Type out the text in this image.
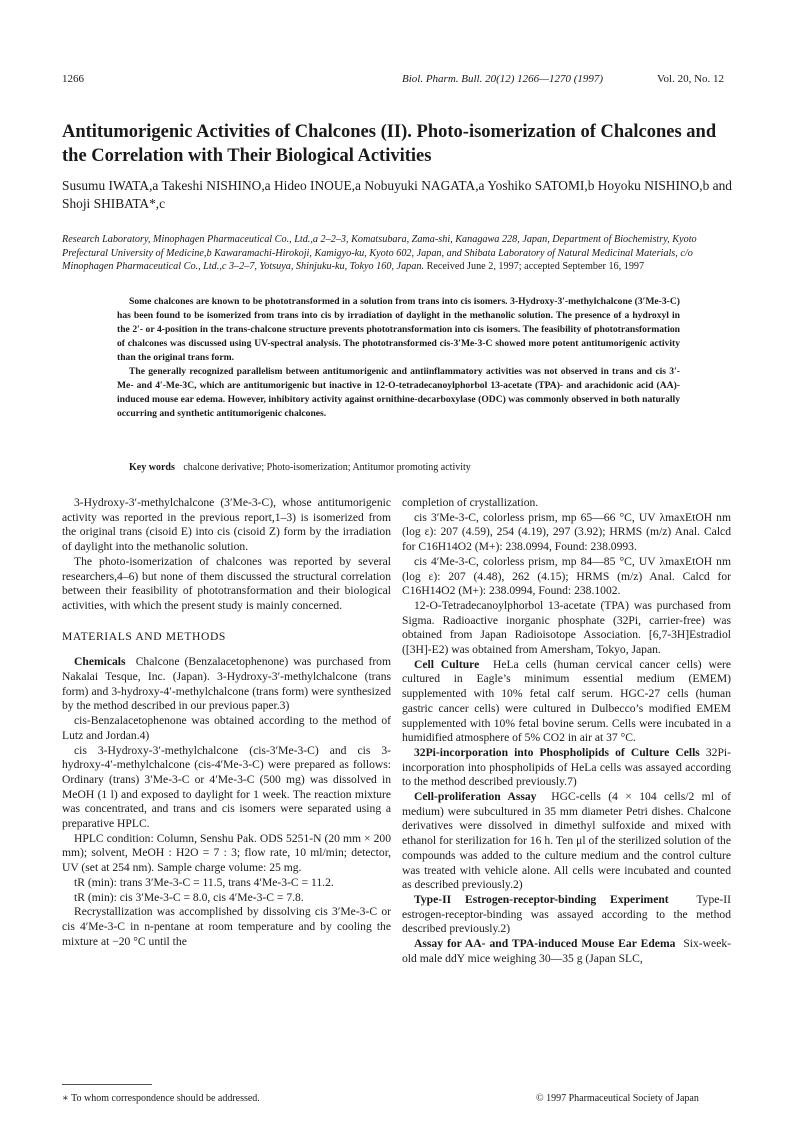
1266	Biol. Pharm. Bull. 20(12) 1266—1270 (1997)	Vol. 20, No. 12
Antitumorigenic Activities of Chalcones (II). Photo-isomerization of Chalcones and the Correlation with Their Biological Activities
Susumu IWATA,a Takeshi NISHINO,a Hideo INOUE,a Nobuyuki NAGATA,a Yoshiko SATOMI,b Hoyoku NISHINO,b and Shoji SHIBATA*,c
Research Laboratory, Minophagen Pharmaceutical Co., Ltd.,a 2–2–3, Komatsubara, Zama-shi, Kanagawa 228, Japan, Department of Biochemistry, Kyoto Prefectural University of Medicine,b Kawaramachi-Hirokoji, Kamigyo-ku, Kyoto 602, Japan, and Shibata Laboratory of Natural Medicinal Materials, c/o Minophagen Pharmaceutical Co., Ltd.,c 3–2–7, Yotsuya, Shinjuku-ku, Tokyo 160, Japan. Received June 2, 1997; accepted September 16, 1997

Some chalcones are known to be phototransformed in a solution from trans into cis isomers. 3-Hydroxy-3′-methylchalcone (3′Me-3-C) has been found to be isomerized from trans into cis by irradiation of daylight in the methanolic solution. The presence of a hydroxyl in the 2′- or 4-position in the trans-chalcone structure prevents phototransformation into cis isomers. The feasibility of phototransformation of chalcones was discussed using UV-spectral analysis. The phototransformed cis-3′Me-3-C showed more potent antitumorigenic activity than the original trans form.

The generally recognized parallelism between antitumorigenic and antiinflammatory activities was not observed in trans and cis 3′-Me- and 4′-Me-3C, which are antitumorigenic but inactive in 12-O-tetradecanoylphorbol 13-acetate (TPA)- and arachidonic acid (AA)-induced mouse ear edema. However, inhibitory activity against ornithine-decarboxylase (ODC) was commonly observed in both naturally occurring and synthetic antitumorigenic chalcones.

Key words chalcone derivative; Photo-isomerization; Antitumor promoting activity

3-Hydroxy-3′-methylchalcone (3′Me-3-C), whose antitumorigenic activity was reported in the previous report,1–3) is isomerized from the original trans (cisoid E) into cis (cisoid Z) form by the irradiation of daylight into the methanolic solution.

The photo-isomerization of chalcones was reported by several researchers,4–6) but none of them discussed the structural correlation between their feasibility of phototransformation and their biological activities, with which the present study is mainly concerned.

MATERIALS AND METHODS

Chemicals Chalcone (Benzalacetophenone) was purchased from Nakalai Tesque, Inc. (Japan). 3-Hydroxy-3′-methylchalcone (trans form) and 3-hydroxy-4′-methylchalcone (trans form) were synthesized by the method described in our previous paper.3)

cis-Benzalacetophenone was obtained according to the method of Lutz and Jordan.4)

cis 3-Hydroxy-3′-methylchalcone (cis-3′Me-3-C) and cis 3-hydroxy-4′-methylchalcone (cis-4′Me-3-C) were prepared as follows: Ordinary (trans) 3′Me-3-C or 4′Me-3-C (500 mg) was dissolved in MeOH (1 l) and exposed to daylight for 1 week. The reaction mixture was concentrated, and trans and cis isomers were separated using a preparative HPLC.

HPLC condition: Column, Senshu Pak. ODS 5251-N (20 mm × 200 mm); solvent, MeOH : H2O = 7 : 3; flow rate, 10 ml/min; detector, UV (set at 254 nm). Sample charge volume: 25 mg.

tR (min): trans 3′Me-3-C = 11.5, trans 4′Me-3-C = 11.2.

tR (min): cis 3′Me-3-C = 8.0, cis 4′Me-3-C = 7.8.

Recrystallization was accomplished by dissolving cis 3′Me-3-C or cis 4′Me-3-C in n-pentane at room temperature and by cooling the mixture at −20 °C until the

completion of crystallization.

cis 3′Me-3-C, colorless prism, mp 65—66 °C, UV λmaxEtOH nm (log ε): 207 (4.59), 254 (4.19), 297 (3.92); HRMS (m/z) Anal. Calcd for C16H14O2 (M+): 238.0994, Found: 238.0993.

cis 4′Me-3-C, colorless prism, mp 84—85 °C, UV λmaxEtOH nm (log ε): 207 (4.48), 262 (4.15); HRMS (m/z) Anal. Calcd for C16H14O2 (M+): 238.0994, Found: 238.1002.

12-O-Tetradecanoylphorbol 13-acetate (TPA) was purchased from Sigma. Radioactive inorganic phosphate (32Pi, carrier-free) was obtained from Japan Radioisotope Association. [6,7-3H]Estradiol ([3H]-E2) was obtained from Amersham, Tokyo, Japan.

Cell Culture HeLa cells (human cervical cancer cells) were cultured in Eagle’s minimum essential medium (EMEM) supplemented with 10% fetal calf serum. HGC-27 cells (human gastric cancer cells) were cultured in Dulbecco’s modified EMEM supplemented with 10% fetal bovine serum. Cells were incubated in a humidified atmosphere of 5% CO2 in air at 37 °C.

32Pi-incorporation into Phospholipids of Culture Cells 32Pi-incorporation into phospholipids of HeLa cells was assayed according to the method described previously.7)

Cell-proliferation Assay HGC-cells (4 × 104 cells/2 ml of medium) were subcultured in 35 mm diameter Petri dishes. Chalcone derivatives were dissolved in dimethyl sulfoxide and mixed with ethanol for sterilization for 16 h. Ten μl of the sterilized solution of the compounds was added to the culture medium and the control culture was treated with vehicle alone. All cells were incubated and counted as described previously.2)

Type-II Estrogen-receptor-binding Experiment Type-II estrogen-receptor-binding was assayed according to the method described previously.2)

Assay for AA- and TPA-induced Mouse Ear Edema Six-week-old male ddY mice weighing 30—35 g (Japan SLC,

∗ To whom correspondence should be addressed.	© 1997 Pharmaceutical Society of Japan
